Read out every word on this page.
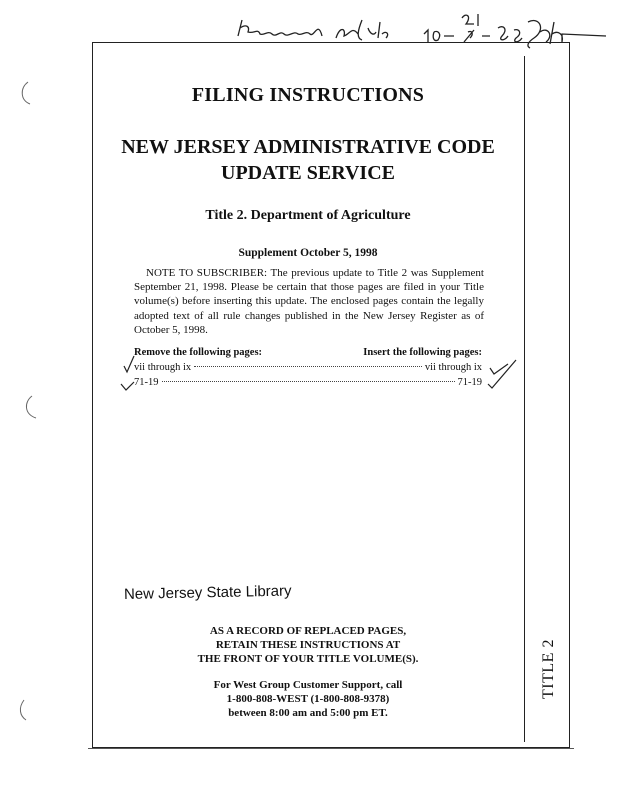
FILING INSTRUCTIONS
NEW JERSEY ADMINISTRATIVE CODE
UPDATE SERVICE
Title 2. Department of Agriculture
Supplement October 5, 1998
NOTE TO SUBSCRIBER: The previous update to Title 2 was Supplement September 21, 1998. Please be certain that those pages are filed in your Title volume(s) before inserting this update. The enclosed pages contain the legally adopted text of all rule changes published in the New Jersey Register as of October 5, 1998.
Remove the following pages:	Insert the following pages:
vii through ix	vii through ix
71-19	71-19
New Jersey State Library
AS A RECORD OF REPLACED PAGES,
RETAIN THESE INSTRUCTIONS AT
THE FRONT OF YOUR TITLE VOLUME(S).
For West Group Customer Support, call
1-800-808-WEST (1-800-808-9378)
between 8:00 am and 5:00 pm ET.
TITLE 2
